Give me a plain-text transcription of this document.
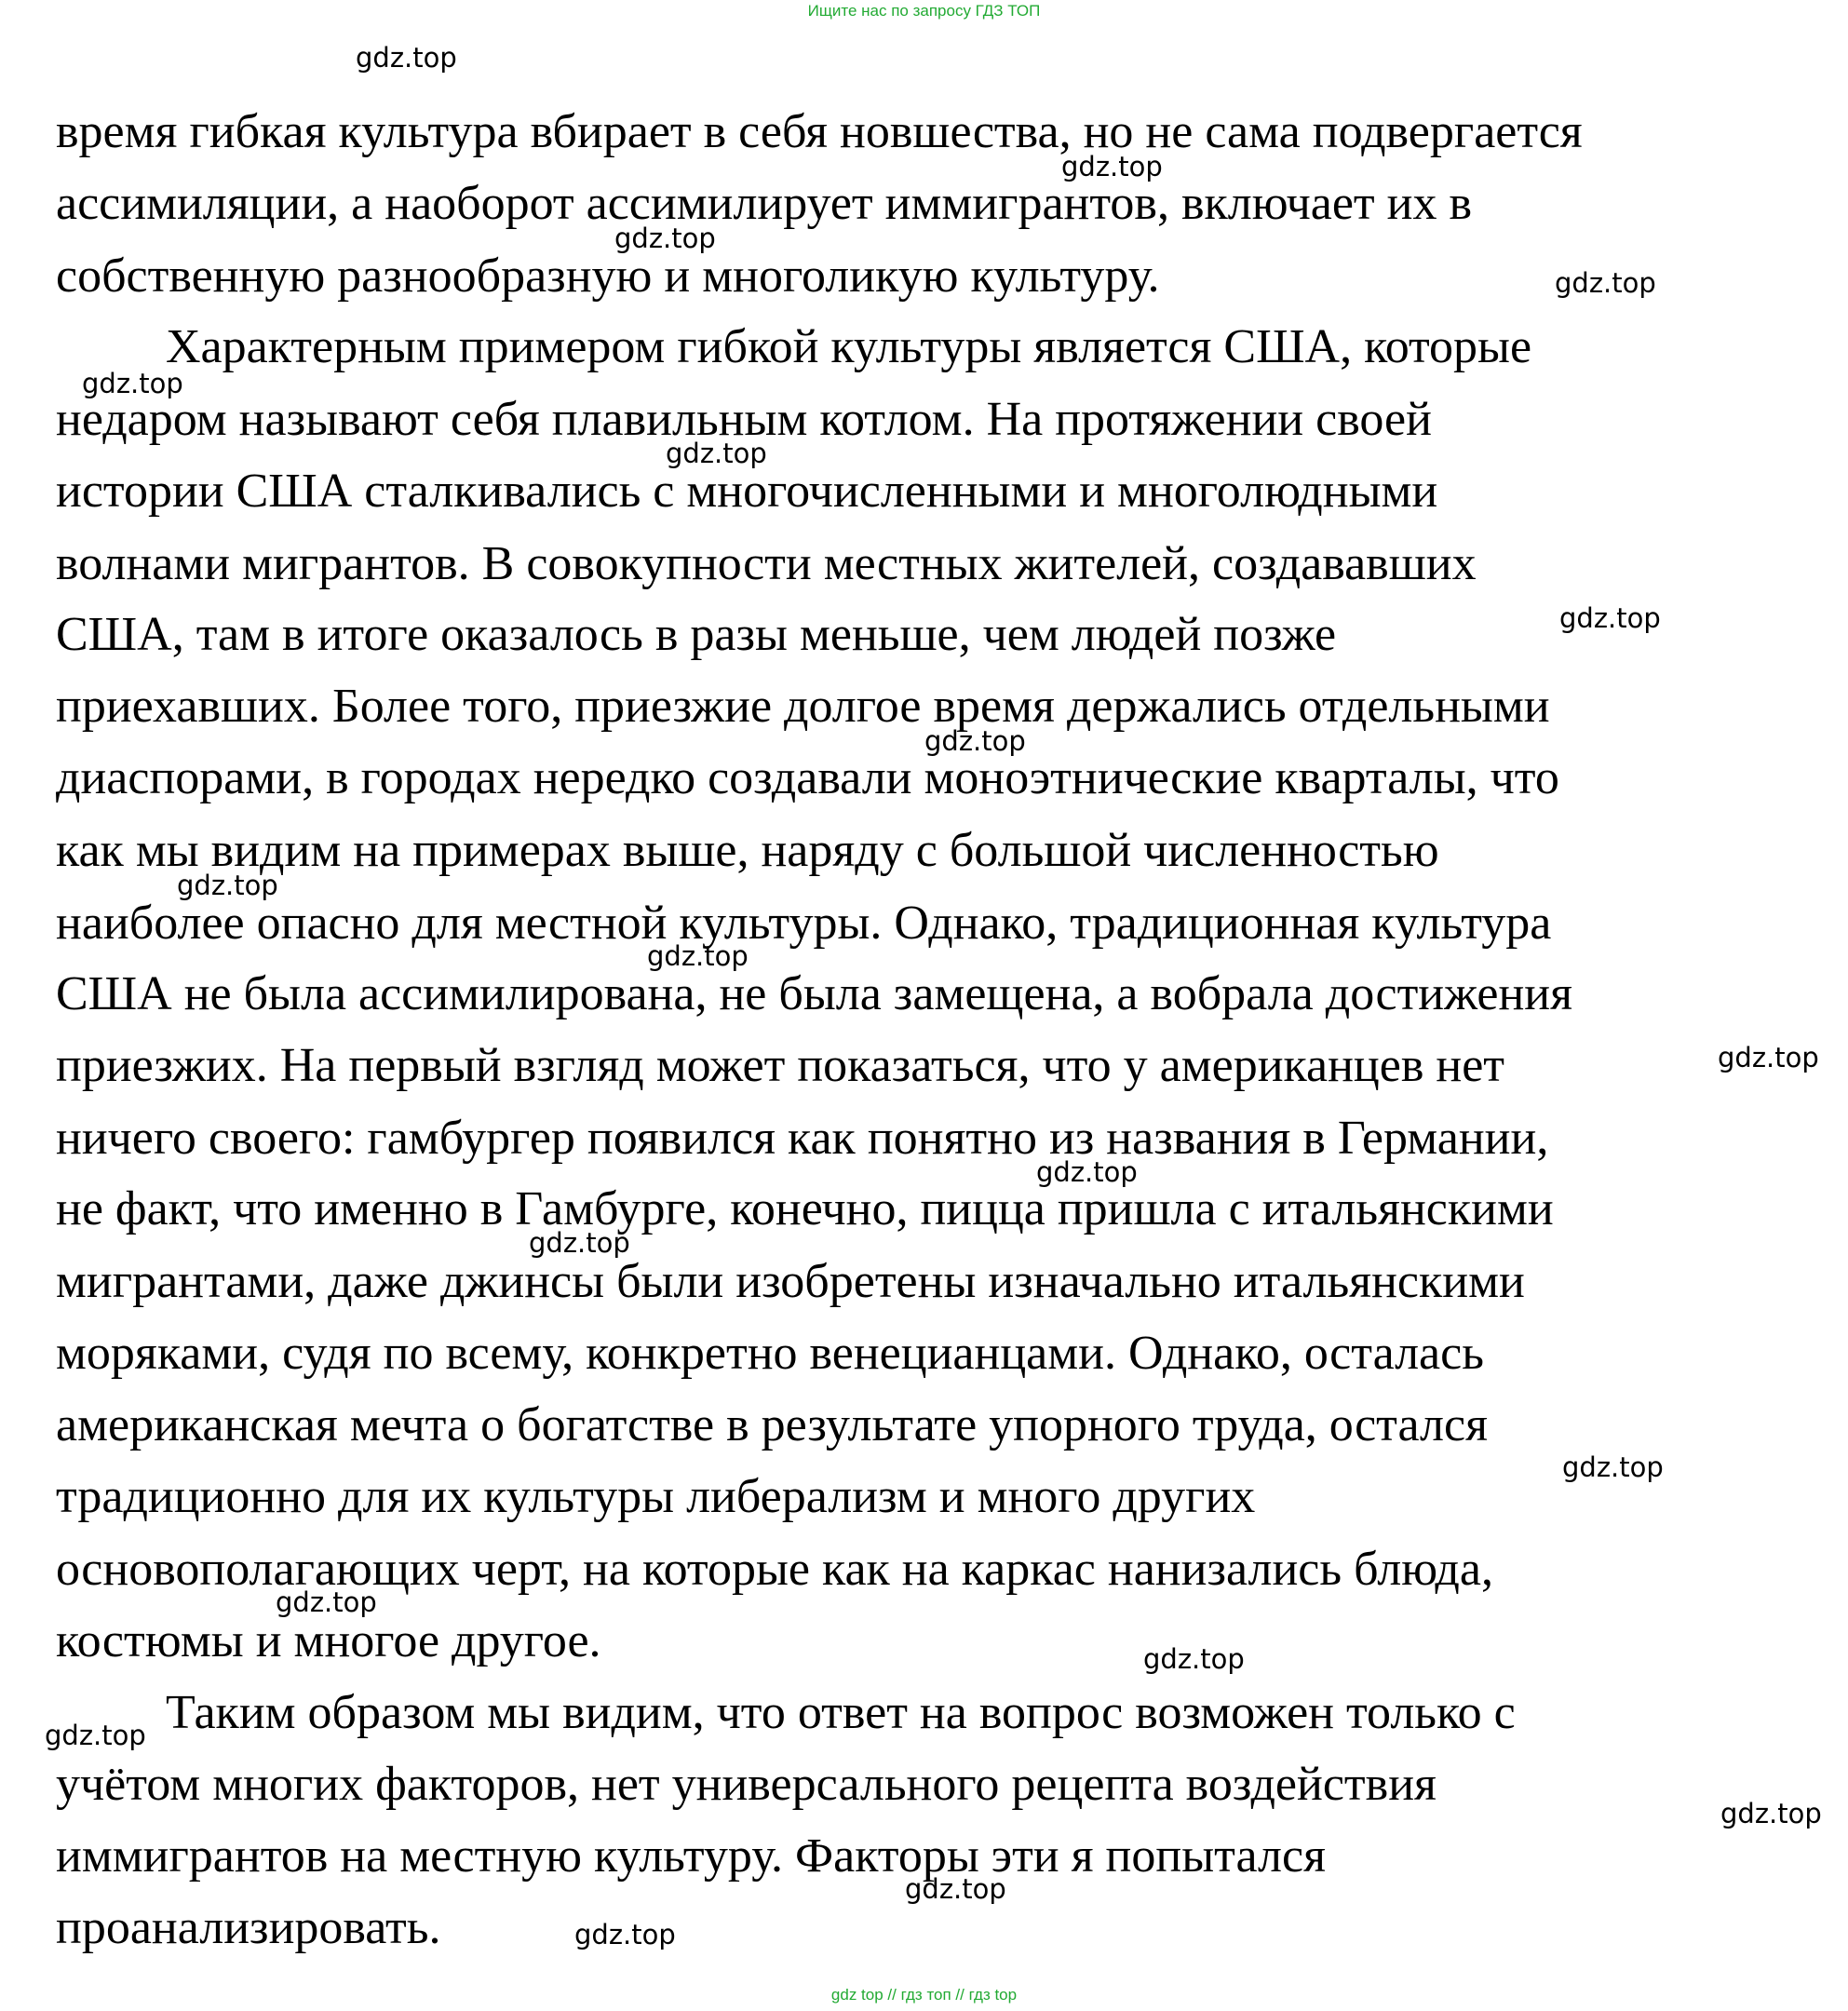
Ищите нас по запросу ГДЗ ТОП
время гибкая культура вбирает в себя новшества, но не сама подвергается
ассимиляции, а наоборот ассимилирует иммигрантов, включает их в
собственную разнообразную и многоликую культуру.
Характерным примером гибкой культуры является США, которые
недаром называют себя плавильным котлом. На протяжении своей
истории США сталкивались с многочисленными и многолюдными
волнами мигрантов. В совокупности местных жителей, создававших
США, там в итоге оказалось в разы меньше, чем людей позже
приехавших. Более того, приезжие долгое время держались отдельными
диаспорами, в городах нередко создавали моноэтнические кварталы, что
как мы видим на примерах выше, наряду с большой численностью
наиболее опасно для местной культуры. Однако, традиционная культура
США не была ассимилирована, не была замещена, а вобрала достижения
приезжих. На первый взгляд может показаться, что у американцев нет
ничего своего: гамбургер появился как понятно из названия в Германии,
не факт, что именно в Гамбурге, конечно, пицца пришла с итальянскими
мигрантами, даже джинсы были изобретены изначально итальянскими
моряками, судя по всему, конкретно венецианцами. Однако, осталась
американская мечта о богатстве в результате упорного труда, остался
традиционно для их культуры либерализм и много других
основополагающих черт, на которые как на каркас нанизались блюда,
костюмы и многое другое.
Таким образом мы видим, что ответ на вопрос возможен только с
учётом многих факторов, нет универсального рецепта воздействия
иммигрантов на местную культуру. Факторы эти я попытался
проанализировать.
gdz.top
gdz.top
gdz.top
gdz.top
gdz.top
gdz.top
gdz.top
gdz.top
gdz.top
gdz.top
gdz.top
gdz.top
gdz.top
gdz.top
gdz.top
gdz.top
gdz.top
gdz.top
gdz.top
gdz.top
gdz top // гдз топ // гдз top
